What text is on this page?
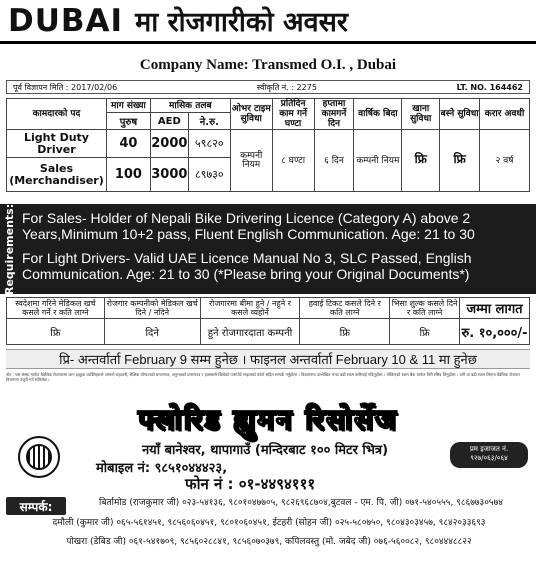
DUBAI मा रोजगारीको अवसर
Company Name: Transmed O.I. , Dubai
पूर्व विज्ञापन मिति : 2017/02/06	स्वीकृति नं. : 2275	LT. NO. 164462
कामदारको पद	माग संख्या	मासिक तलब		ओभर टाइम सुविधा	प्रतिदिन काम गर्ने घण्टा	हप्तामा कामगर्ने दिन	वार्षिक बिदा	खाना सुविधा	बस्ने सुविधा	करार अवधी
	पुरुष	AED	ने.रु.							
Light Duty Driver	40	2000	५९८२०	कम्पनी नियम	८ घण्टा	६ दिन	कम्पनी नियम	फ्रि	फ्रि	२ वर्ष
Sales (Merchandiser)	100	3000	८९७३०							
Requirements: For Sales- Holder of Nepali Bike Drivering Licence (Category A) above 2 Years,Minimum 10+2 pass, Fluent English Communication. Age: 21 to 30
For Light Drivers- Valid UAE Licence Manual No 3, SLC Passed, English Communication. Age: 21 to 30 (*Please bring your Original Documents*)
स्वदेशमा गरिने मेडिकल खर्च कसले गर्ने र कति लाग्ने	रोजगार कम्पनीको मेडिकल खर्च दिने / नदिने	रोजगारमा बीमा हुने / नहुने र कसले व्यहोर्ने	हवाई टिकट कसले दिने र कति लाग्ने	भिसा शुल्क कसले दिने र कति लाग्ने	जम्मा लागत
फ्रि	दिने	हुने रोजगारदाता कम्पनी	फ्रि	फ्रि	रु. १०,०००/-
प्रि- अन्तर्वार्ता February 9 सम्म हुनेछ । फाइनल अन्तर्वार्ता February 10 & 11 मा हुनेछ
नोट : यस संस्था मार्फत वैदेशिक रोजगारमा जान इच्छुक व्यक्तिहरूले आफ्नो राहदानी, शैक्षिक योग्यताको प्रमाणपत्र, अनुभवको प्रमाणपत्र र हालसालै खिचेको पासपोर्ट साइजको फोटो सहित सम्पर्क गर्नुहोला । विज्ञापनमा उल्लेखित भन्दा बढी रकम कसैलाई नदिनुहोला । तोकिएको रकम बैंक मार्फत तिरी रसिद लिनुहोला । ठगी वा बढी रकम लिएमा वैदेशिक रोजगार विभागमा उजुरी गर्न सकिनेछ ।
फ्लोरिड ह्युमन रिसोर्सेज
नयाँ बानेश्वर, थापागाउँ (मन्दिरबाट १०० मिटर भित्र)
मोबाइल नं: ९८५१०४४४२३,
फोन नं : ०१-४४९४१११
प्रम इजाजत नं. ९२७/०६३/०६४
सम्पर्क:	बिर्तामोड (राजकुमार जी) ०२३-५४१३६, ९८०१०४७७०५, ९८२६९६८७०४,बुटवल - एम. पि. जी) ०७१-५४०५५५, ९८६७७३०५७४
दमौली (कुमार जी) ०६५-५६१४५१, ९८५६०६०४५१, ९८०१०६०४५१, ईटहरी (सोहन जी) ०२५-५८०७५०, ९८०४३०३४५७, ९८४२०३३६९३
पोखरा (डेबिड जी) ०६१-५४१७०९, ९८५६०२८८४१, ९८५६०७०३७९, कपिलवस्तु (मो. जबेद जी) ०७६-५६००८२, ९८०४४४८८२२
